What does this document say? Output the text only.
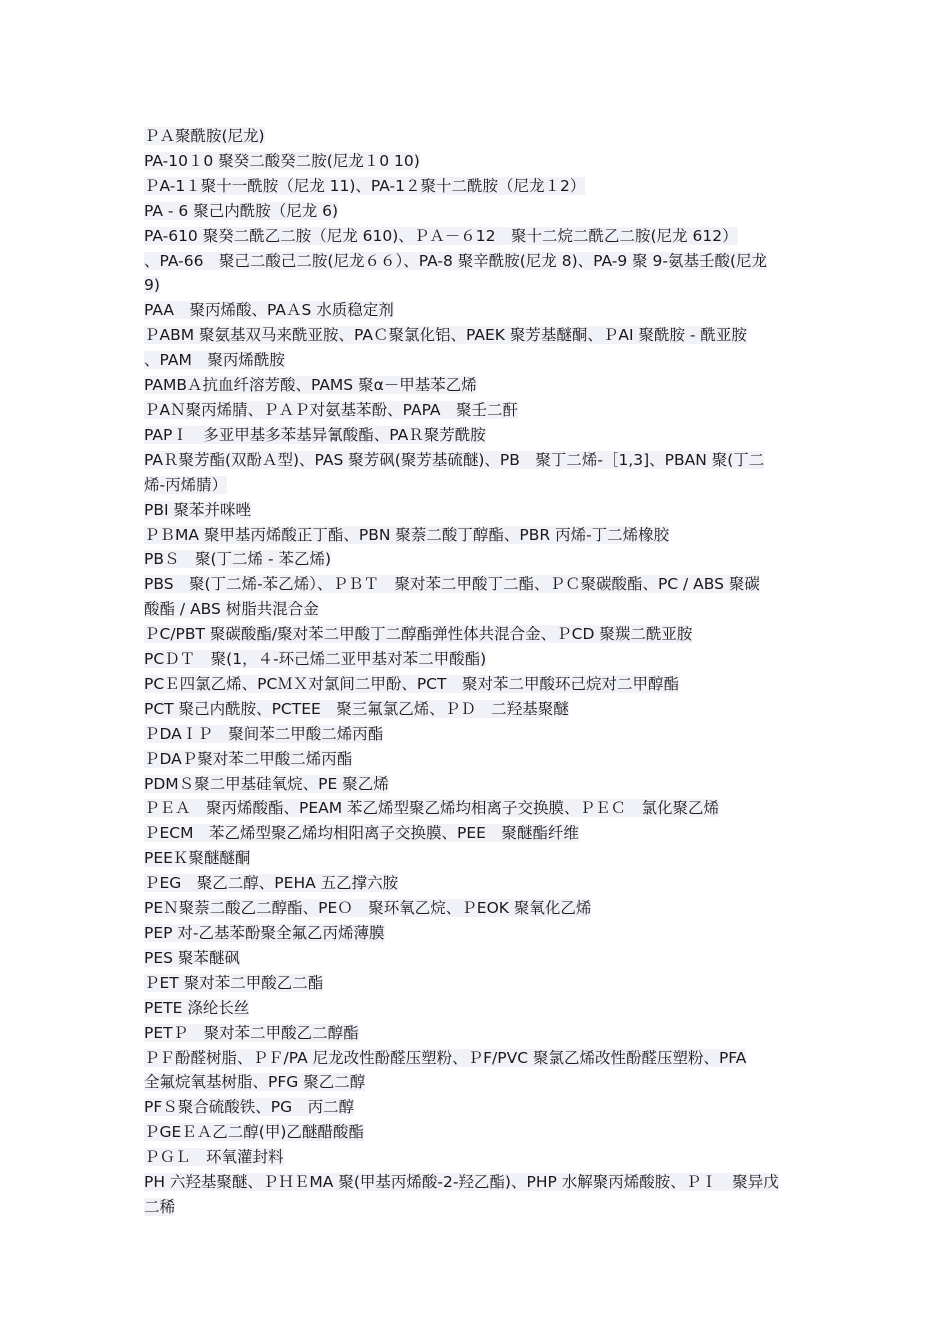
ＰＡ聚酰胺(尼龙)
PA-10１0 聚癸二酸癸二胺(尼龙１0 10)
ＰA-1１聚十一酰胺（尼龙 11)、PA-1２聚十二酰胺（尼龙１2）
PA - 6 聚己内酰胺（尼龙 6)
PA-610 聚癸二酰乙二胺（尼龙 610)、ＰＡ－６12　聚十二烷二酰乙二胺(尼龙 612）
、PA-66　聚己二酸己二胺(尼龙６６）、PA-8 聚辛酰胺(尼龙 8)、PA-9 聚 9-氨基壬酸(尼龙
9)
PAA　聚丙烯酸、PAＡS 水质稳定剂
ＰABM 聚氨基双马来酰亚胺、PAＣ聚氯化铝、PAEK 聚芳基醚酮、ＰAI 聚酰胺 - 酰亚胺
、PAM　聚丙烯酰胺
PAMBＡ抗血纤溶芳酸、PAMS 聚α－甲基苯乙烯
ＰAＮ聚丙烯腈、ＰＡＰ对氨基苯酚、PAPA　聚壬二酐
PAPＩ　多亚甲基多苯基异氰酸酯、PAＲ聚芳酰胺
PAＲ聚芳酯(双酚Ａ型)、PAS 聚芳砜(聚芳基硫醚)、PB　聚丁二烯-［1,3]、PBAN 聚(丁二
烯-丙烯腈）
PBI 聚苯并咪唑
ＰＢMA 聚甲基丙烯酸正丁酯、PBN 聚萘二酸丁醇酯、PBR 丙烯-丁二烯橡胶
PBＳ　聚(丁二烯 - 苯乙烯)
PBS　聚(丁二烯-苯乙烯）、ＰＢＴ　聚对苯二甲酸丁二酯、ＰＣ聚碳酸酯、PC / ABS 聚碳
酸酯 / ABS 树脂共混合金
ＰC/PBT 聚碳酸酯/聚对苯二甲酸丁二醇酯弹性体共混合金、ＰCD 聚羰二酰亚胺
PCＤＴ　聚(1，４-环己烯二亚甲基对苯二甲酸酯)
PCＥ四氯乙烯、PCＭＸ对氯间二甲酚、PCT　聚对苯二甲酸环己烷对二甲醇酯
PCT 聚己内酰胺、PCTEE　聚三氟氯乙烯、ＰＤ　二羟基聚醚
ＰDAＩＰ　聚间苯二甲酸二烯丙酯
ＰDAＰ聚对苯二甲酸二烯丙酯
PDMＳ聚二甲基硅氧烷、PE 聚乙烯
ＰＥＡ　聚丙烯酸酯、PEAM 苯乙烯型聚乙烯均相离子交换膜、ＰＥＣ　氯化聚乙烯
ＰECM　苯乙烯型聚乙烯均相阳离子交换膜、PEE　聚醚酯纤维
PEEＫ聚醚醚酮
ＰEG　聚乙二醇、PEHA 五乙撑六胺
PEＮ聚萘二酸乙二醇酯、PEＯ　聚环氧乙烷、ＰEOK 聚氧化乙烯
PEP 对-乙基苯酚聚全氟乙丙烯薄膜
PES 聚苯醚砜
ＰET 聚对苯二甲酸乙二酯
PETE 涤纶长丝
PETＰ　聚对苯二甲酸乙二醇酯
ＰＦ酚醛树脂、ＰＦ/PA 尼龙改性酚醛压塑粉、ＰF/PVC 聚氯乙烯改性酚醛压塑粉、PFA
全氟烷氧基树脂、PFG 聚乙二醇
PFＳ聚合硫酸铁、PG　丙二醇
ＰGEＥＡ乙二醇(甲)乙醚醋酸酯
ＰＧＬ　环氧灌封料
PH 六羟基聚醚、ＰＨＥMA 聚(甲基丙烯酸-2-羟乙酯)、PHP 水解聚丙烯酸胺、ＰＩ　聚异戊
二稀
